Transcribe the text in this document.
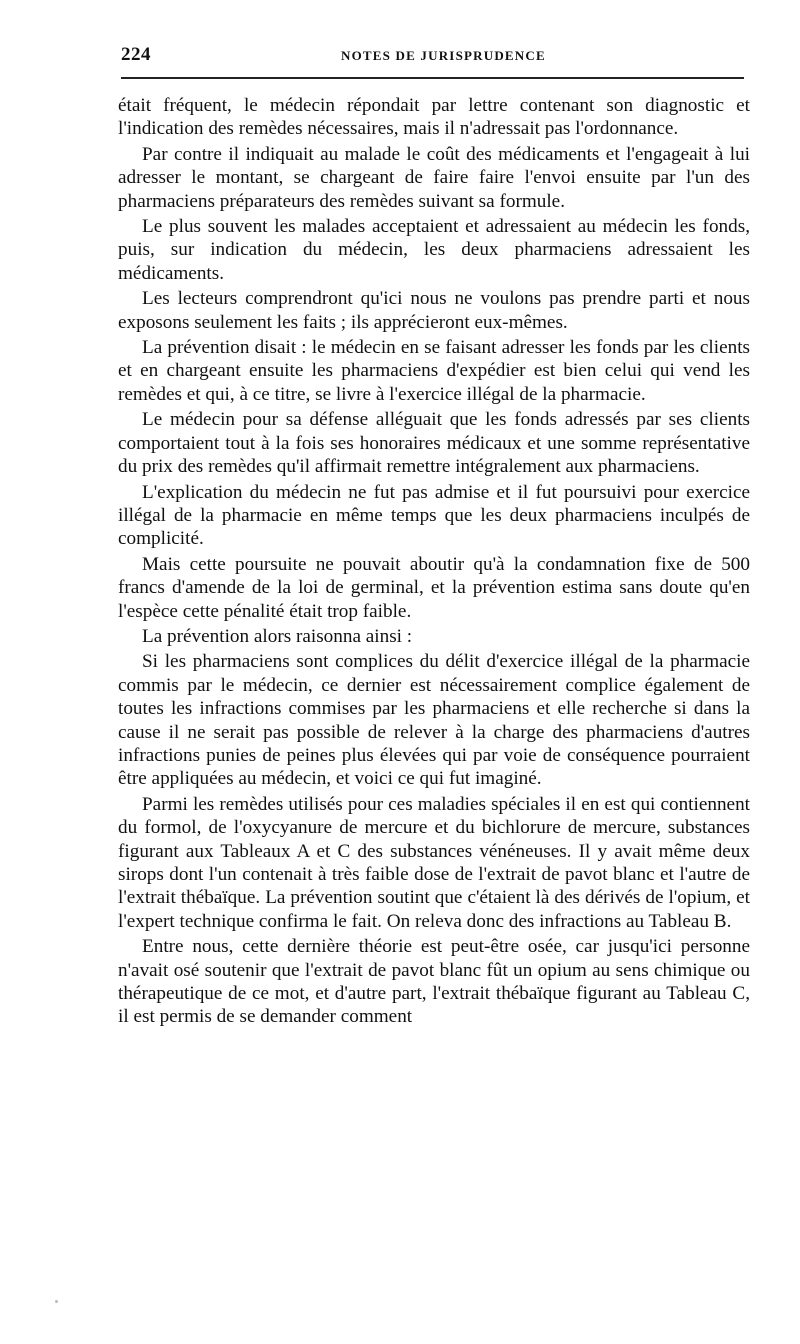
224	NOTES DE JURISPRUDENCE

était fréquent, le médecin répondait par lettre contenant son diagnostic et l'indication des remèdes nécessaires, mais il n'adressait pas l'ordonnance.

Par contre il indiquait au malade le coût des médicaments et l'engageait à lui adresser le montant, se chargeant de faire faire l'envoi ensuite par l'un des pharmaciens préparateurs des remèdes suivant sa formule.

Le plus souvent les malades acceptaient et adressaient au médecin les fonds, puis, sur indication du médecin, les deux pharmaciens adressaient les médicaments.

Les lecteurs comprendront qu'ici nous ne voulons pas prendre parti et nous exposons seulement les faits ; ils apprécieront eux-mêmes.

La prévention disait : le médecin en se faisant adresser les fonds par les clients et en chargeant ensuite les pharmaciens d'expédier est bien celui qui vend les remèdes et qui, à ce titre, se livre à l'exercice illégal de la pharmacie.

Le médecin pour sa défense alléguait que les fonds adressés par ses clients comportaient tout à la fois ses honoraires médicaux et une somme représentative du prix des remèdes qu'il affirmait remettre intégralement aux pharmaciens.

L'explication du médecin ne fut pas admise et il fut poursuivi pour exercice illégal de la pharmacie en même temps que les deux pharmaciens inculpés de complicité.

Mais cette poursuite ne pouvait aboutir qu'à la condamnation fixe de 500 francs d'amende de la loi de germinal, et la prévention estima sans doute qu'en l'espèce cette pénalité était trop faible.

La prévention alors raisonna ainsi :

Si les pharmaciens sont complices du délit d'exercice illégal de la pharmacie commis par le médecin, ce dernier est nécessairement complice également de toutes les infractions commises par les pharmaciens et elle recherche si dans la cause il ne serait pas possible de relever à la charge des pharmaciens d'autres infractions punies de peines plus élevées qui par voie de conséquence pourraient être appliquées au médecin, et voici ce qui fut imaginé.

Parmi les remèdes utilisés pour ces maladies spéciales il en est qui contiennent du formol, de l'oxycyanure de mercure et du bichlorure de mercure, substances figurant aux Tableaux A et C des substances vénéneuses. Il y avait même deux sirops dont l'un contenait à très faible dose de l'extrait de pavot blanc et l'autre de l'extrait thébaïque. La prévention soutint que c'étaient là des dérivés de l'opium, et l'expert technique confirma le fait. On releva donc des infractions au Tableau B.

Entre nous, cette dernière théorie est peut-être osée, car jusqu'ici personne n'avait osé soutenir que l'extrait de pavot blanc fût un opium au sens chimique ou thérapeutique de ce mot, et d'autre part, l'extrait thébaïque figurant au Tableau C, il est permis de se demander comment
